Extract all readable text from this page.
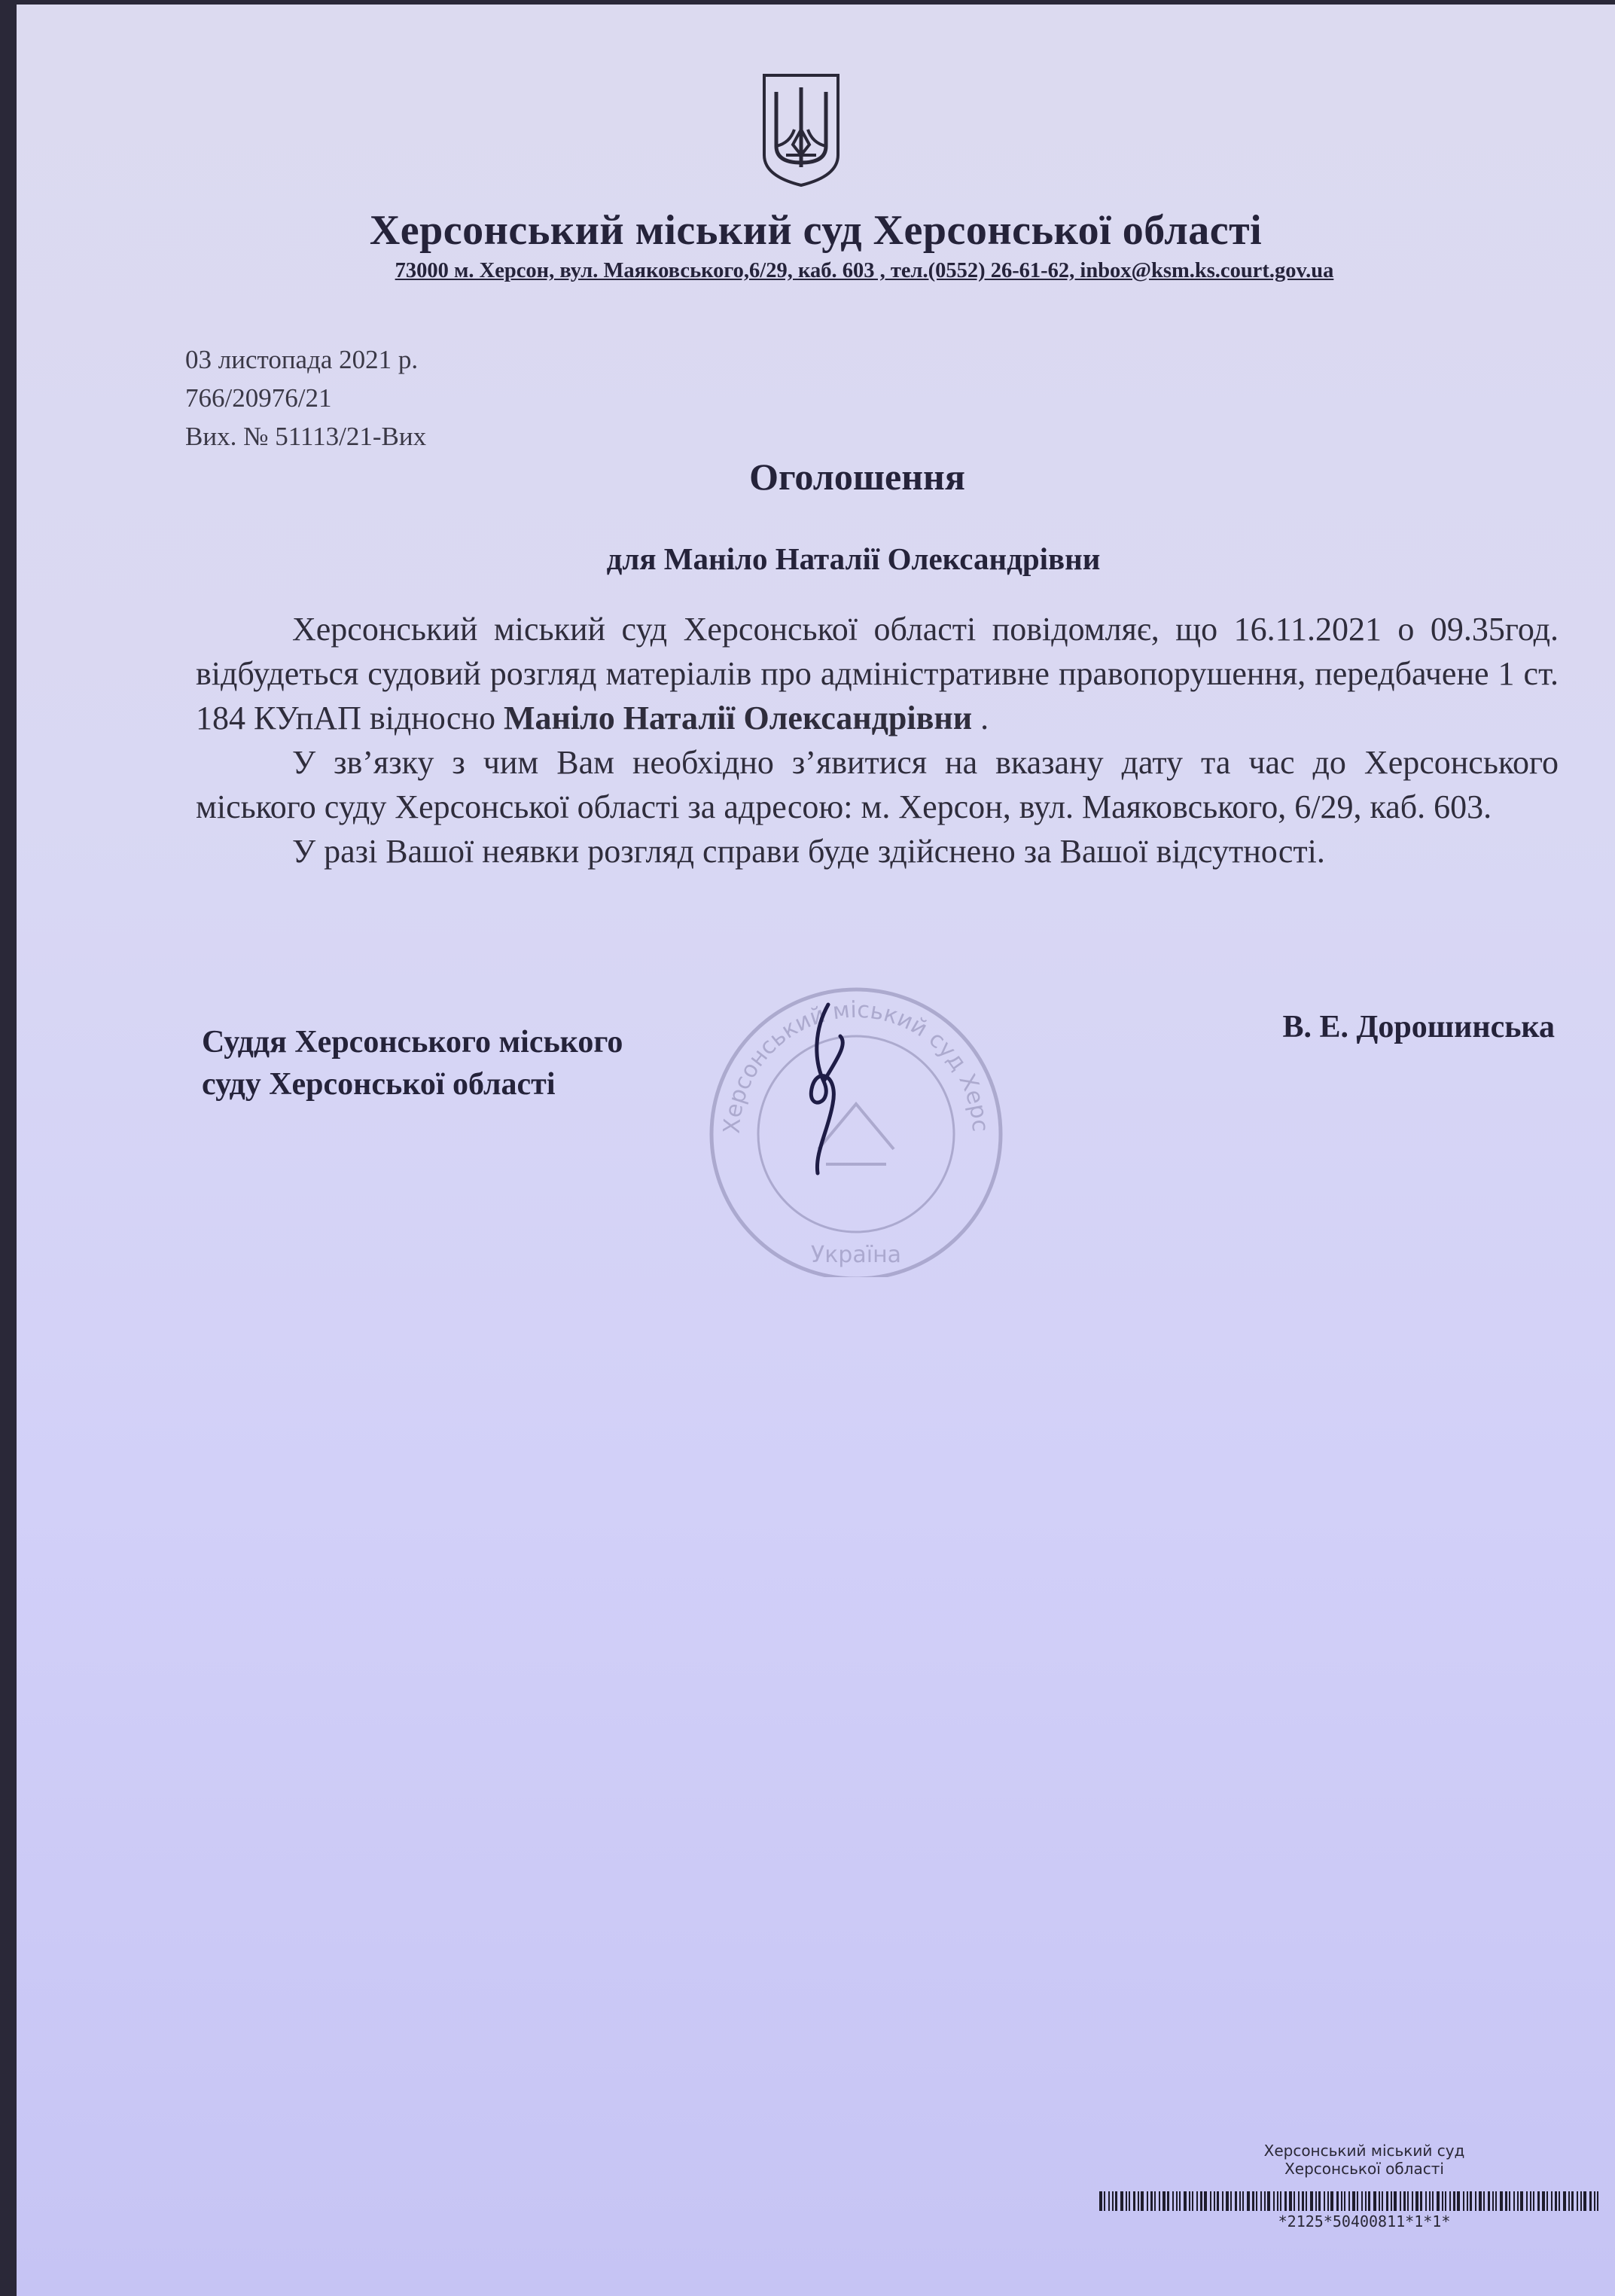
Херсонський міський суд Херсонської області
73000 м. Херсон, вул. Маяковського,6/29, каб. 603 , тел.(0552) 26-61-62, inbox@ksm.ks.court.gov.ua
03 листопада 2021 р.
766/20976/21
Вих. № 51113/21-Вих
Оголошення
для Маніло Наталії Олександрівни

Херсонський міський суд Херсонської області повідомляє, що 16.11.2021 о 09.35год. відбудеться судовий розгляд матеріалів про адміністративне правопорушення, передбачене 1 ст. 184 КУпАП відносно Маніло Наталії Олександрівни .

У зв’язку з чим Вам необхідно з’явитися на вказану дату та час до Херсонського міського суду Херсонської області за адресою: м. Херсон, вул. Маяковського, 6/29, каб. 603.

У разі Вашої неявки розгляд справи буде здійснено за Вашої відсутності.

Херсонський міський суд Херс
Україна
Суддя Херсонського міського
суду Херсонської області
В. Е. Дорошинська
Херсонський міський суд
Херсонської області
*2125*50400811*1*1*
